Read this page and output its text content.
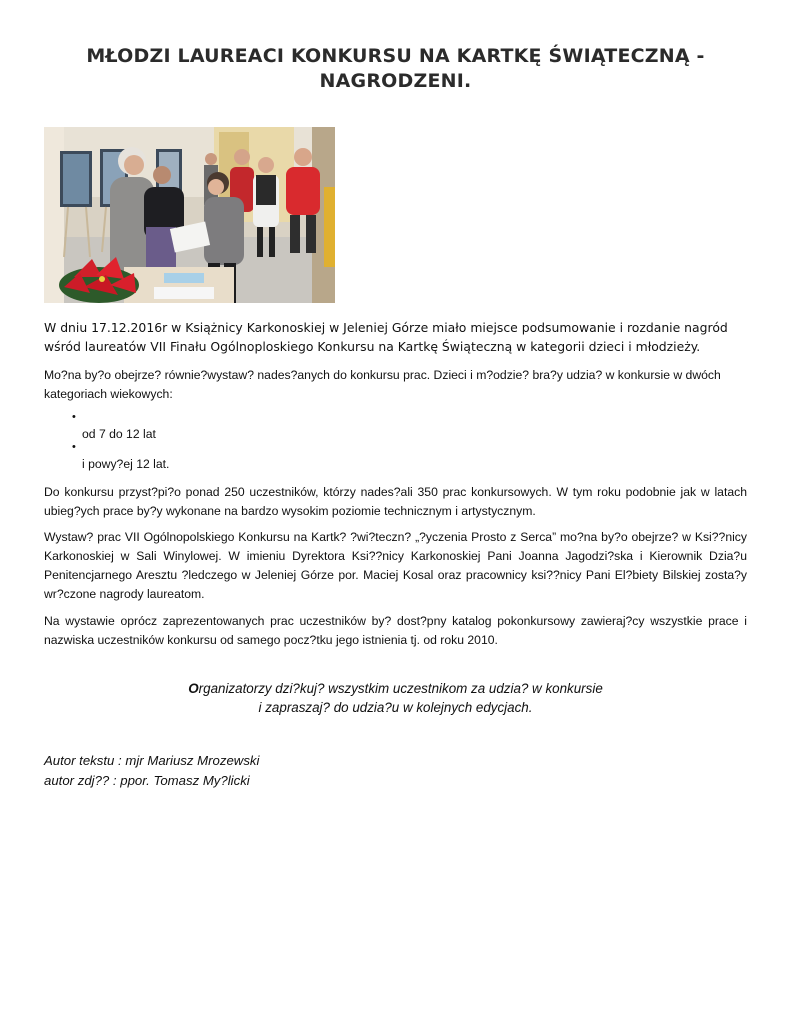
MŁODZI LAUREACI KONKURSU NA KARTKĘ ŚWIĄTECZNĄ -
NAGRODZENI.
W dniu 17.12.2016r w Książnicy Karkonoskiej w Jeleniej Górze miało miejsce podsumowanie i rozdanie nagród wśród laureatów VII Finału Ogólnoploskiego Konkursu na Kartkę Świąteczną w kategorii dzieci i młodzieży.
Mo?na by?o obejrze? równie?wystaw? nades?anych do konkursu prac. Dzieci i m?odzie? bra?y udzia? w konkursie w dwóch kategoriach wiekowych:
•
od 7 do 12 lat
•
i powy?ej 12 lat.
Do konkursu przyst?pi?o ponad 250 uczestników, którzy nades?ali 350 prac konkursowych. W tym roku podobnie jak w latach ubieg?ych prace by?y wykonane na bardzo wysokim poziomie technicznym i artystycznym.
Wystaw? prac VII Ogólnopolskiego Konkursu na Kartk? ?wi?teczn? „?yczenia Prosto z Serca” mo?na by?o obejrze? w Ksi??nicy Karkonoskiej w Sali Winylowej. W imieniu Dyrektora Ksi??nicy Karkonoskiej Pani Joanna Jagodzi?ska i Kierownik Dzia?u Penitencjarnego Aresztu ?ledczego w Jeleniej Górze por. Maciej Kosal oraz pracownicy ksi??nicy Pani El?biety Bilskiej zosta?y wr?czone nagrody laureatom.
Na wystawie oprócz zaprezentowanych prac uczestników by? dost?pny katalog pokonkursowy zawieraj?cy wszystkie prace i nazwiska uczestników konkursu od samego pocz?tku jego istnienia tj. od roku 2010.
Organizatorzy dzi?kuj? wszystkim uczestnikom za udzia? w konkursie
i zapraszaj? do udzia?u w kolejnych edycjach.
Autor tekstu : mjr Mariusz Mrozewski
autor zdj?? : ppor. Tomasz My?licki
